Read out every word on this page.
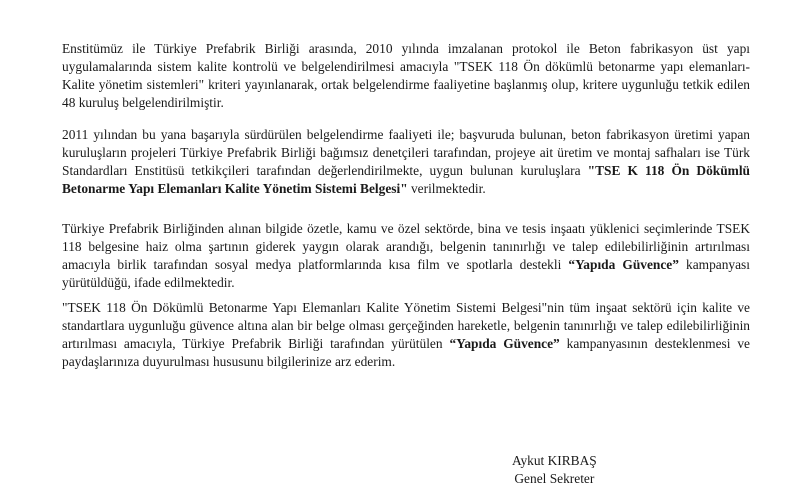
Enstitümüz ile Türkiye Prefabrik Birliği arasında, 2010 yılında imzalanan protokol ile Beton fabrikasyon üst yapı uygulamalarında sistem kalite kontrolü ve belgelendirilmesi amacıyla "TSEK 118 Ön dökümlü betonarme yapı elemanları- Kalite yönetim sistemleri" kriteri yayınlanarak, ortak belgelendirme faaliyetine başlanmış olup, kritere uygunluğu tetkik edilen 48 kuruluş belgelendirilmiştir.

2011 yılından bu yana başarıyla sürdürülen belgelendirme faaliyeti ile; başvuruda bulunan, beton fabrikasyon üretimi yapan kuruluşların projeleri Türkiye Prefabrik Birliği bağımsız denetçileri tarafından, projeye ait üretim ve montaj safhaları ise Türk Standardları Enstitüsü tetkikçileri tarafından değerlendirilmekte, uygun bulunan kuruluşlara "TSE K 118 Ön Dökümlü Betonarme Yapı Elemanları Kalite Yönetim Sistemi Belgesi" verilmektedir.

Türkiye Prefabrik Birliğinden alınan bilgide özetle, kamu ve özel sektörde, bina ve tesis inşaatı yüklenici seçimlerinde TSEK 118 belgesine haiz olma şartının giderek yaygın olarak arandığı, belgenin tanınırlığı ve talep edilebilirliğinin artırılması amacıyla birlik tarafından sosyal medya platformlarında kısa film ve spotlarla destekli “Yapıda Güvence” kampanyası yürütüldüğü, ifade edilmektedir.

"TSEK 118 Ön Dökümlü Betonarme Yapı Elemanları Kalite Yönetim Sistemi Belgesi"nin tüm inşaat sektörü için kalite ve standartlara uygunluğu güvence altına alan bir belge olması gerçeğinden hareketle, belgenin tanınırlığı ve talep edilebilirliğinin artırılması amacıyla, Türkiye Prefabrik Birliği tarafından yürütülen “Yapıda Güvence” kampanyasının desteklenmesi ve paydaşlarınıza duyurulması hususunu bilgilerinize arz ederim.

Aykut KIRBAŞ
Genel Sekreter
